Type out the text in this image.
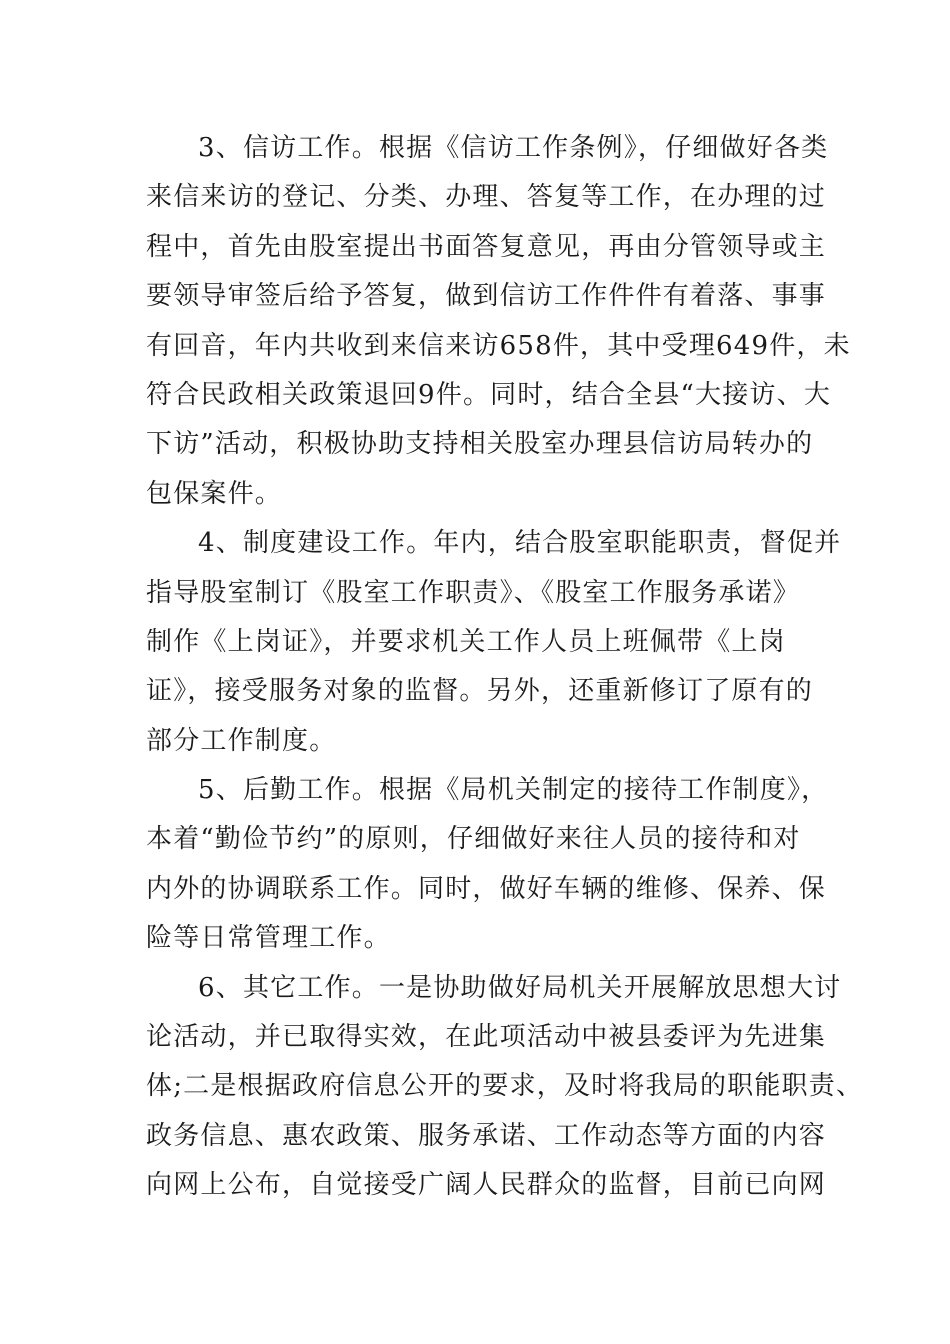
3、信访工作。根据《信访工作条例》，仔细做好各类
来信来访的登记、分类、办理、答复等工作，在办理的过
程中，首先由股室提出书面答复意见，再由分管领导或主
要领导审签后给予答复，做到信访工作件件有着落、事事
有回音，年内共收到来信来访658件，其中受理649件，未
符合民政相关政策退回9件。同时，结合全县“大接访、大
下访”活动，积极协助支持相关股室办理县信访局转办的
包保案件。
4、制度建设工作。年内，结合股室职能职责，督促并
指导股室制订《股室工作职责》、《股室工作服务承诺》
制作《上岗证》，并要求机关工作人员上班佩带《上岗
证》，接受服务对象的监督。另外，还重新修订了原有的
部分工作制度。
5、后勤工作。根据《局机关制定的接待工作制度》，
本着“勤俭节约”的原则，仔细做好来往人员的接待和对
内外的协调联系工作。同时，做好车辆的维修、保养、保
险等日常管理工作。
6、其它工作。一是协助做好局机关开展解放思想大讨
论活动，并已取得实效，在此项活动中被县委评为先进集
体;二是根据政府信息公开的要求，及时将我局的职能职责、
政务信息、惠农政策、服务承诺、工作动态等方面的内容
向网上公布，自觉接受广阔人民群众的监督，目前已向网
